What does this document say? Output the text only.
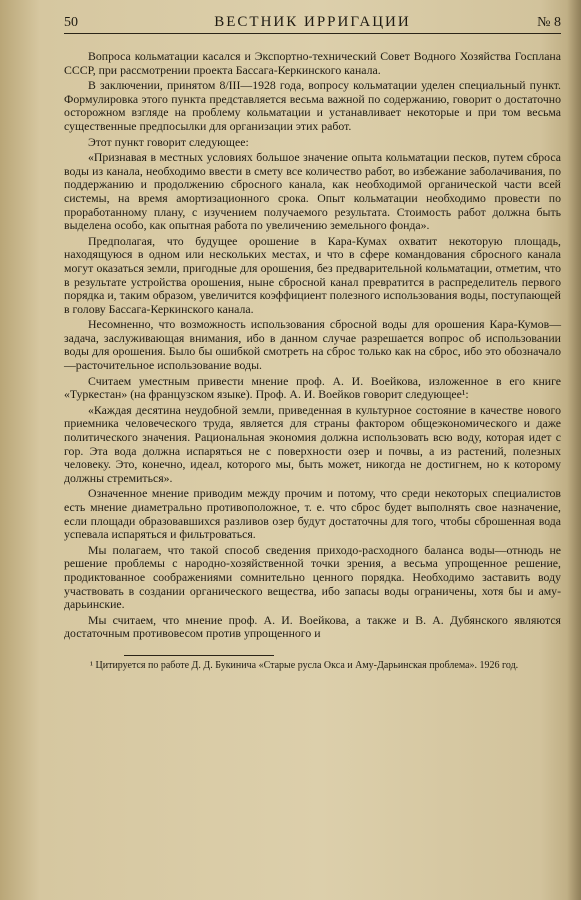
50	ВЕСТНИК ИРРИГАЦИИ	№ 8

Вопроса кольматации касался и Экспортно-технический Совет Водного Хозяйства Госплана СССР, при рассмотрении проекта Бассага-Керкинского канала.

В заключении, принятом 8/III—1928 года, вопросу кольматации уделен специальный пункт. Формулировка этого пункта представляется весьма важной по содержанию, говорит о достаточно осторожном взгляде на проблему кольматации и устанавливает некоторые и при том весьма существенные предпосылки для организации этих работ.

Этот пункт говорит следующее:

«Признавая в местных условиях большое значение опыта кольматации песков, путем сброса воды из канала, необходимо ввести в смету все количество работ, во избежание заболачивания, по поддержанию и продолжению сбросного канала, как необходимой органической части всей системы, на время амортизационного срока. Опыт кольматации необходимо провести по проработанному плану, с изучением получаемого результата. Стоимость работ должна быть выделена особо, как опытная работа по увеличению земельного фонда».

Предполагая, что будущее орошение в Кара-Кумах охватит некоторую площадь, находящуюся в одном или нескольких местах, и что в сфере командования сбросного канала могут оказаться земли, пригодные для орошения, без предварительной кольматации, отметим, что в результате устройства орошения, ныне сбросной канал превратится в распределитель первого порядка и, таким образом, увеличится коэффициент полезного использования воды, поступающей в голову Бассага-Керкинского канала.

Несомненно, что возможность использования сбросной воды для орошения Кара-Кумов—задача, заслуживающая внимания, ибо в данном случае разрешается вопрос об использовании воды для орошения. Было бы ошибкой смотреть на сброс только как на сброс, ибо это обозначало—расточительное использование воды.

Считаем уместным привести мнение проф. А. И. Воейкова, изложенное в его книге «Туркестан» (на французском языке). Проф. А. И. Воейков говорит следующее¹:

«Каждая десятина неудобной земли, приведенная в культурное состояние в качестве нового приемника человеческого труда, является для страны фактором общеэкономического и даже политического значения. Рациональная экономия должна использовать всю воду, которая идет с гор. Эта вода должна испаряться не с поверхности озер и почвы, а из растений, полезных человеку. Это, конечно, идеал, которого мы, быть может, никогда не достигнем, но к которому должны стремиться».

Означенное мнение приводим между прочим и потому, что среди некоторых специалистов есть мнение диаметрально противоположное, т. е. что сброс будет выполнять свое назначение, если площади образовавшихся разливов озер будут достаточны для того, чтобы сброшенная вода успевала испаряться и фильтроваться.

Мы полагаем, что такой способ сведения приходо-расходного баланса воды—отнюдь не решение проблемы с народно-хозяйственной точки зрения, а весьма упрощенное решение, продиктованное соображениями сомнительно ценного порядка. Необходимо заставить воду участвовать в создании органического вещества, ибо запасы воды ограничены, хотя бы и аму-дарьинские.

Мы считаем, что мнение проф. А. И. Воейкова, а также и В. А. Дубянского являются достаточным противовесом против упрощенного и

¹ Цитируется по работе Д. Д. Букинича «Старые русла Окса и Аму-Дарьинская проблема». 1926 год.
